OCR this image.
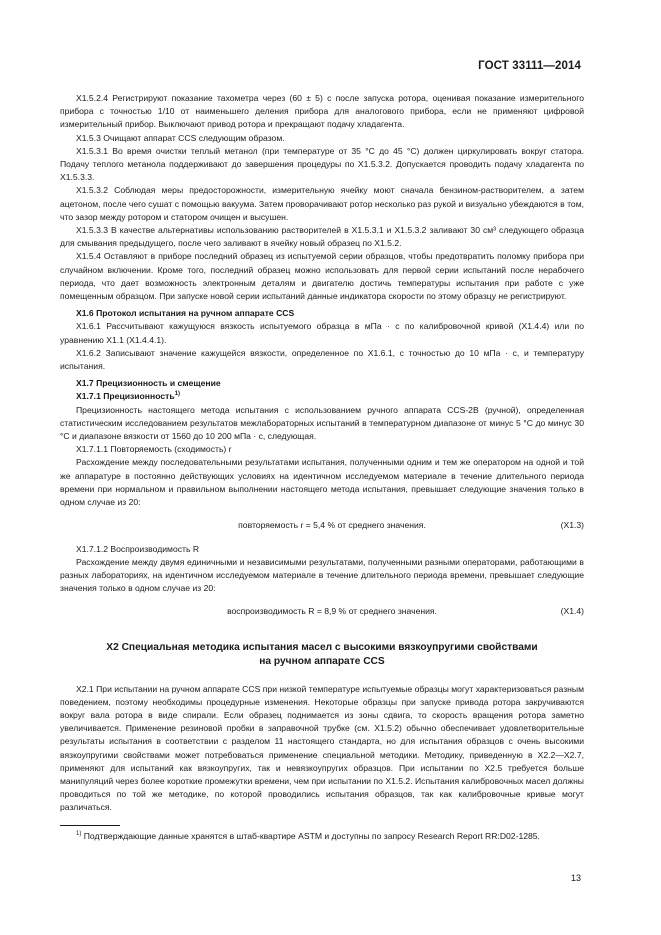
ГОСТ 33111—2014

X1.5.2.4 Регистрируют показание тахометра через (60 ± 5) с после запуска ротора, оценивая показание измерительного прибора с точностью 1/10 от наименьшего деления прибора для аналогового прибора, если не применяют цифровой измерительный прибор. Выключают привод ротора и прекращают подачу хладагента.

X1.5.3 Очищают аппарат CCS следующим образом.

X1.5.3.1 Во время очистки теплый метанол (при температуре от 35 °С до 45 °С) должен циркулировать вокруг статора. Подачу теплого метанола поддерживают до завершения процедуры по X1.5.3.2. Допускается проводить подачу хладагента по X1.5.3.3.

X1.5.3.2 Соблюдая меры предосторожности, измерительную ячейку моют сначала бензином-растворителем, а затем ацетоном, после чего сушат с помощью вакуума. Затем проворачивают ротор несколько раз рукой и визуально убеждаются в том, что зазор между ротором и статором очищен и высушен.

X1.5.3.3 В качестве альтернативы использованию растворителей в X1.5.3.1 и X1.5.3.2 заливают 30 см³ следующего образца для смывания предыдущего, после чего заливают в ячейку новый образец по X1.5.2.

X1.5.4 Оставляют в приборе последний образец из испытуемой серии образцов, чтобы предотвратить поломку прибора при случайном включении. Кроме того, последний образец можно использовать для первой серии испытаний после нерабочего периода, что дает возможность электронным деталям и двигателю достичь температуры испытания при работе с уже помещенным образцом. При запуске новой серии испытаний данные индикатора скорости по этому образцу не регистрируют.

X1.6 Протокол испытания на ручном аппарате CCS

X1.6.1 Рассчитывают кажущуюся вязкость испытуемого образца в мПа · с по калибровочной кривой (X1.4.4) или по уравнению X1.1 (X1.4.4.1).

X1.6.2 Записывают значение кажущейся вязкости, определенное по X1.6.1, с точностью до 10 мПа · с, и температуру испытания.

X1.7 Прецизионность и смещение

X1.7.1 Прецизионность$^{1)}$

Прецизионность настоящего метода испытания с использованием ручного аппарата CCS-2B (ручной), определенная статистическим исследованием результатов межлабораторных испытаний в температурном диапазоне от минус 5 °С до минус 30 °С и диапазоне вязкости от 1560 до 10 200 мПа · с, следующая.

X1.7.1.1 Повторяемость (сходимость) r

Расхождение между последовательными результатами испытания, полученными одним и тем же оператором на одной и той же аппаратуре в постоянно действующих условиях на идентичном исследуемом материале в течение длительного периода времени при нормальном и правильном выполнении настоящего метода испытания, превышает следующие значения только в одном случае из 20:

повторяемость r = 5,4 % от среднего значения.	(X1.3)

X1.7.1.2 Воспроизводимость R

Расхождение между двумя единичными и независимыми результатами, полученными разными операторами, работающими в разных лабораториях, на идентичном исследуемом материале в течение длительного периода времени, превышает следующие значения только в одном случае из 20:

воспроизводимость R = 8,9 % от среднего значения.	(X1.4)
X2 Специальная методика испытания масел с высокими вязкоупругими свойствами
на ручном аппарате CCS

X2.1 При испытании на ручном аппарате CCS при низкой температуре испытуемые образцы могут характеризоваться разным поведением, поэтому необходимы процедурные изменения. Некоторые образцы при запуске привода ротора закручиваются вокруг вала ротора в виде спирали. Если образец поднимается из зоны сдвига, то скорость вращения ротора заметно увеличивается. Применение резиновой пробки в заправочной трубке (см. X1.5.2) обычно обеспечивает удовлетворительные результаты испытания в соответствии с разделом 11 настоящего стандарта, но для испытания образцов с очень высокими вязкоупругими свойствами может потребоваться применение специальной методики. Методику, приведенную в X2.2—X2.7, применяют для испытаний как вязкоупругих, так и невязкоупругих образцов. При испытании по X2.5 требуется больше манипуляций через более короткие промежутки времени, чем при испытании по X1.5.2. Испытания калибровочных масел должны проводиться по той же методике, по которой проводились испытания образцов, так как калибровочные кривые могут различаться.

$^{1)}$ Подтверждающие данные хранятся в штаб-квартире ASTM и доступны по запросу Research Report RR:D02-1285.

13
